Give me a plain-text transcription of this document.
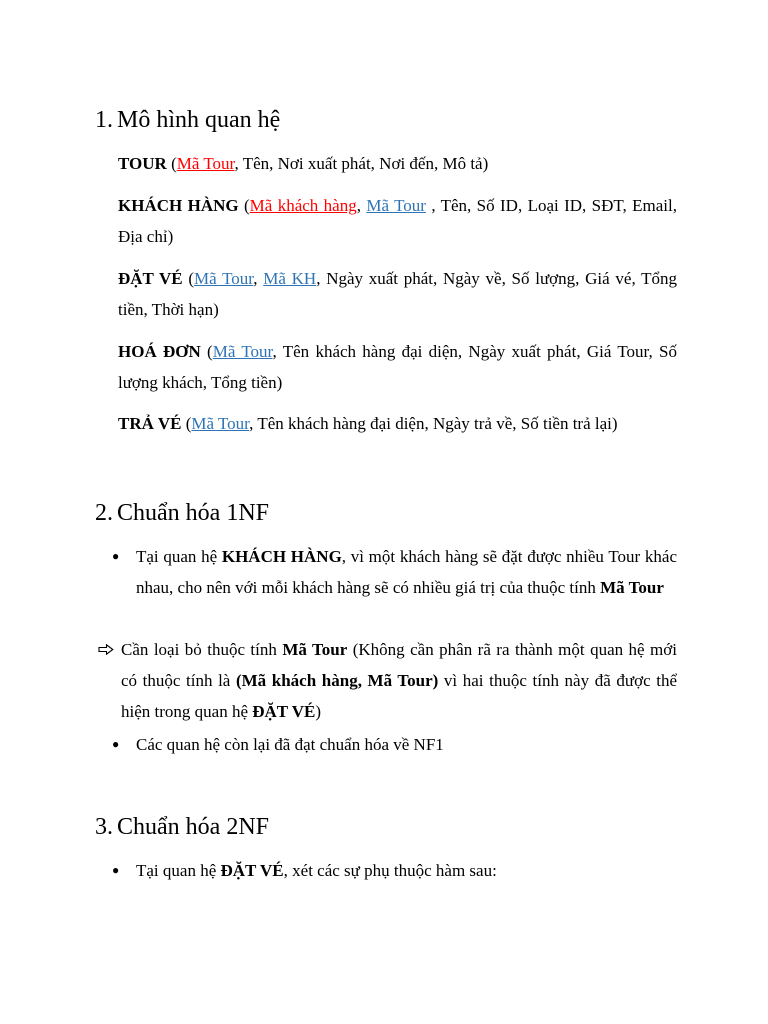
1. Mô hình quan hệ

TOUR (Mã Tour, Tên, Nơi xuất phát, Nơi đến, Mô tả)

KHÁCH HÀNG (Mã khách hàng, Mã Tour , Tên, Số ID, Loại ID, SĐT, Email, Địa chỉ)

ĐẶT VÉ (Mã Tour, Mã KH, Ngày xuất phát, Ngày về, Số lượng, Giá vé, Tổng tiền, Thời hạn)

HOÁ ĐƠN (Mã Tour, Tên khách hàng đại diện, Ngày xuất phát, Giá Tour, Số lượng khách, Tổng tiền)

TRẢ VÉ (Mã Tour, Tên khách hàng đại diện, Ngày trả về, Số tiền trả lại)

2. Chuẩn hóa 1NF

● Tại quan hệ KHÁCH HÀNG, vì một khách hàng sẽ đặt được nhiều Tour khác nhau, cho nên với mỗi khách hàng sẽ có nhiều giá trị của thuộc tính Mã Tour

Cần loại bỏ thuộc tính Mã Tour (Không cần phân rã ra thành một quan hệ mới có thuộc tính là (Mã khách hàng, Mã Tour) vì hai thuộc tính này đã được thể hiện trong quan hệ ĐẶT VÉ)

● Các quan hệ còn lại đã đạt chuẩn hóa về NF1

3. Chuẩn hóa 2NF

● Tại quan hệ ĐẶT VÉ, xét các sự phụ thuộc hàm sau:
